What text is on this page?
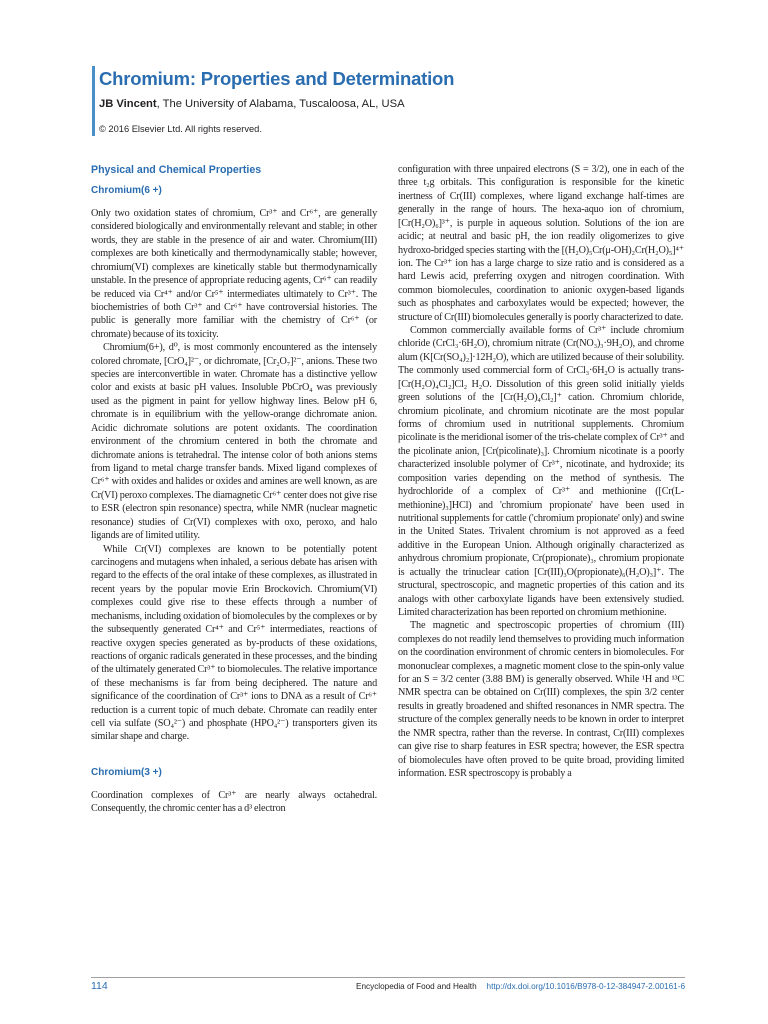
Chromium: Properties and Determination
JB Vincent, The University of Alabama, Tuscaloosa, AL, USA
© 2016 Elsevier Ltd. All rights reserved.
Physical and Chemical Properties
Chromium(6 +)

Only two oxidation states of chromium, Cr³⁺ and Cr⁶⁺, are generally considered biologically and environmentally relevant and stable; in other words, they are stable in the presence of air and water. Chromium(III) complexes are both kinetically and thermodynamically stable; however, chromium(VI) complexes are kinetically stable but thermodynamically unstable. In the presence of appropriate reducing agents, Cr⁶⁺ can readily be reduced via Cr⁴⁺ and/or Cr⁵⁺ intermediates ultimately to Cr³⁺. The biochemistries of both Cr³⁺ and Cr⁶⁺ have controversial histories. The public is generally more familiar with the chemistry of Cr⁶⁺ (or chromate) because of its toxicity.

Chromium(6+), d⁰, is most commonly encountered as the intensely colored chromate, [CrO₄]²⁻, or dichromate, [Cr₂O₇]²⁻, anions. These two species are interconvertible in water. Chromate has a distinctive yellow color and exists at basic pH values. Insoluble PbCrO₄ was previously used as the pigment in paint for yellow highway lines. Below pH 6, chromate is in equilibrium with the yellow-orange dichromate anion. Acidic dichromate solutions are potent oxidants. The coordination environment of the chromium centered in both the chromate and dichromate anions is tetrahedral. The intense color of both anions stems from ligand to metal charge transfer bands. Mixed ligand complexes of Cr⁶⁺ with oxides and halides or oxides and amines are well known, as are Cr(VI) peroxo complexes. The diamagnetic Cr⁶⁺ center does not give rise to ESR (electron spin resonance) spectra, while NMR (nuclear magnetic resonance) studies of Cr(VI) complexes with oxo, peroxo, and halo ligands are of limited utility.

While Cr(VI) complexes are known to be potentially potent carcinogens and mutagens when inhaled, a serious debate has arisen with regard to the effects of the oral intake of these complexes, as illustrated in recent years by the popular movie Erin Brockovich. Chromium(VI) complexes could give rise to these effects through a number of mechanisms, including oxidation of biomolecules by the complexes or by the subsequently generated Cr⁴⁺ and Cr⁵⁺ intermediates, reactions of reactive oxygen species generated as by-products of these oxidations, reactions of organic radicals generated in these processes, and the binding of the ultimately generated Cr³⁺ to biomolecules. The relative importance of these mechanisms is far from being deciphered. The nature and significance of the coordination of Cr³⁺ ions to DNA as a result of Cr⁶⁺ reduction is a current topic of much debate. Chromate can readily enter cell via sulfate (SO₄²⁻) and phosphate (HPO₄²⁻) transporters given its similar shape and charge.

Chromium(3 +)

Coordination complexes of Cr³⁺ are nearly always octahedral. Consequently, the chromic center has a d³ electron

configuration with three unpaired electrons (S = 3/2), one in each of the three t₂g orbitals. This configuration is responsible for the kinetic inertness of Cr(III) complexes, where ligand exchange half-times are generally in the range of hours. The hexa-aquo ion of chromium, [Cr(H₂O)₆]³⁺, is purple in aqueous solution. Solutions of the ion are acidic; at neutral and basic pH, the ion readily oligomerizes to give hydroxo-bridged species starting with the [(H₂O)₅Cr(μ-OH)₂Cr(H₂O)₅]⁴⁺ ion. The Cr³⁺ ion has a large charge to size ratio and is considered as a hard Lewis acid, preferring oxygen and nitrogen coordination. With common biomolecules, coordination to anionic oxygen-based ligands such as phosphates and carboxylates would be expected; however, the structure of Cr(III) biomolecules generally is poorly characterized to date.

Common commercially available forms of Cr³⁺ include chromium chloride (CrCl₃·6H₂O), chromium nitrate (Cr(NO₃)₃·9H₂O), and chrome alum (K[Cr(SO₄)₂]·12H₂O), which are utilized because of their solubility. The commonly used commercial form of CrCl₃·6H₂O is actually trans-[Cr(H₂O)₄Cl₂]Cl₂ H₂O. Dissolution of this green solid initially yields green solutions of the [Cr(H₂O)₄Cl₂]⁺ cation. Chromium chloride, chromium picolinate, and chromium nicotinate are the most popular forms of chromium used in nutritional supplements. Chromium picolinate is the meridional isomer of the tris-chelate complex of Cr³⁺ and the picolinate anion, [Cr(picolinate)₃]. Chromium nicotinate is a poorly characterized insoluble polymer of Cr³⁺, nicotinate, and hydroxide; its composition varies depending on the method of synthesis. The hydrochloride of a complex of Cr³⁺ and methionine ([Cr(L-methionine)₃]HCl) and 'chromium propionate' have been used in nutritional supplements for cattle ('chromium propionate' only) and swine in the United States. Trivalent chromium is not approved as a feed additive in the European Union. Although originally characterized as anhydrous chromium propionate, Cr(propionate)₃, chromium propionate is actually the trinuclear cation [Cr(III)₃O(propionate)₆(H₂O)₃]⁺. The structural, spectroscopic, and magnetic properties of this cation and its analogs with other carboxylate ligands have been extensively studied. Limited characterization has been reported on chromium methionine.

The magnetic and spectroscopic properties of chromium (III) complexes do not readily lend themselves to providing much information on the coordination environment of chromic centers in biomolecules. For mononuclear complexes, a magnetic moment close to the spin-only value for an S = 3/2 center (3.88 BM) is generally observed. While ¹H and ¹³C NMR spectra can be obtained on Cr(III) complexes, the spin 3/2 center results in greatly broadened and shifted resonances in NMR spectra. The structure of the complex generally needs to be known in order to interpret the NMR spectra, rather than the reverse. In contrast, Cr(III) complexes can give rise to sharp features in ESR spectra; however, the ESR spectra of biomolecules have often proved to be quite broad, providing limited information. ESR spectroscopy is probably a

114	Encyclopedia of Food and Health http://dx.doi.org/10.1016/B978-0-12-384947-2.00161-6
